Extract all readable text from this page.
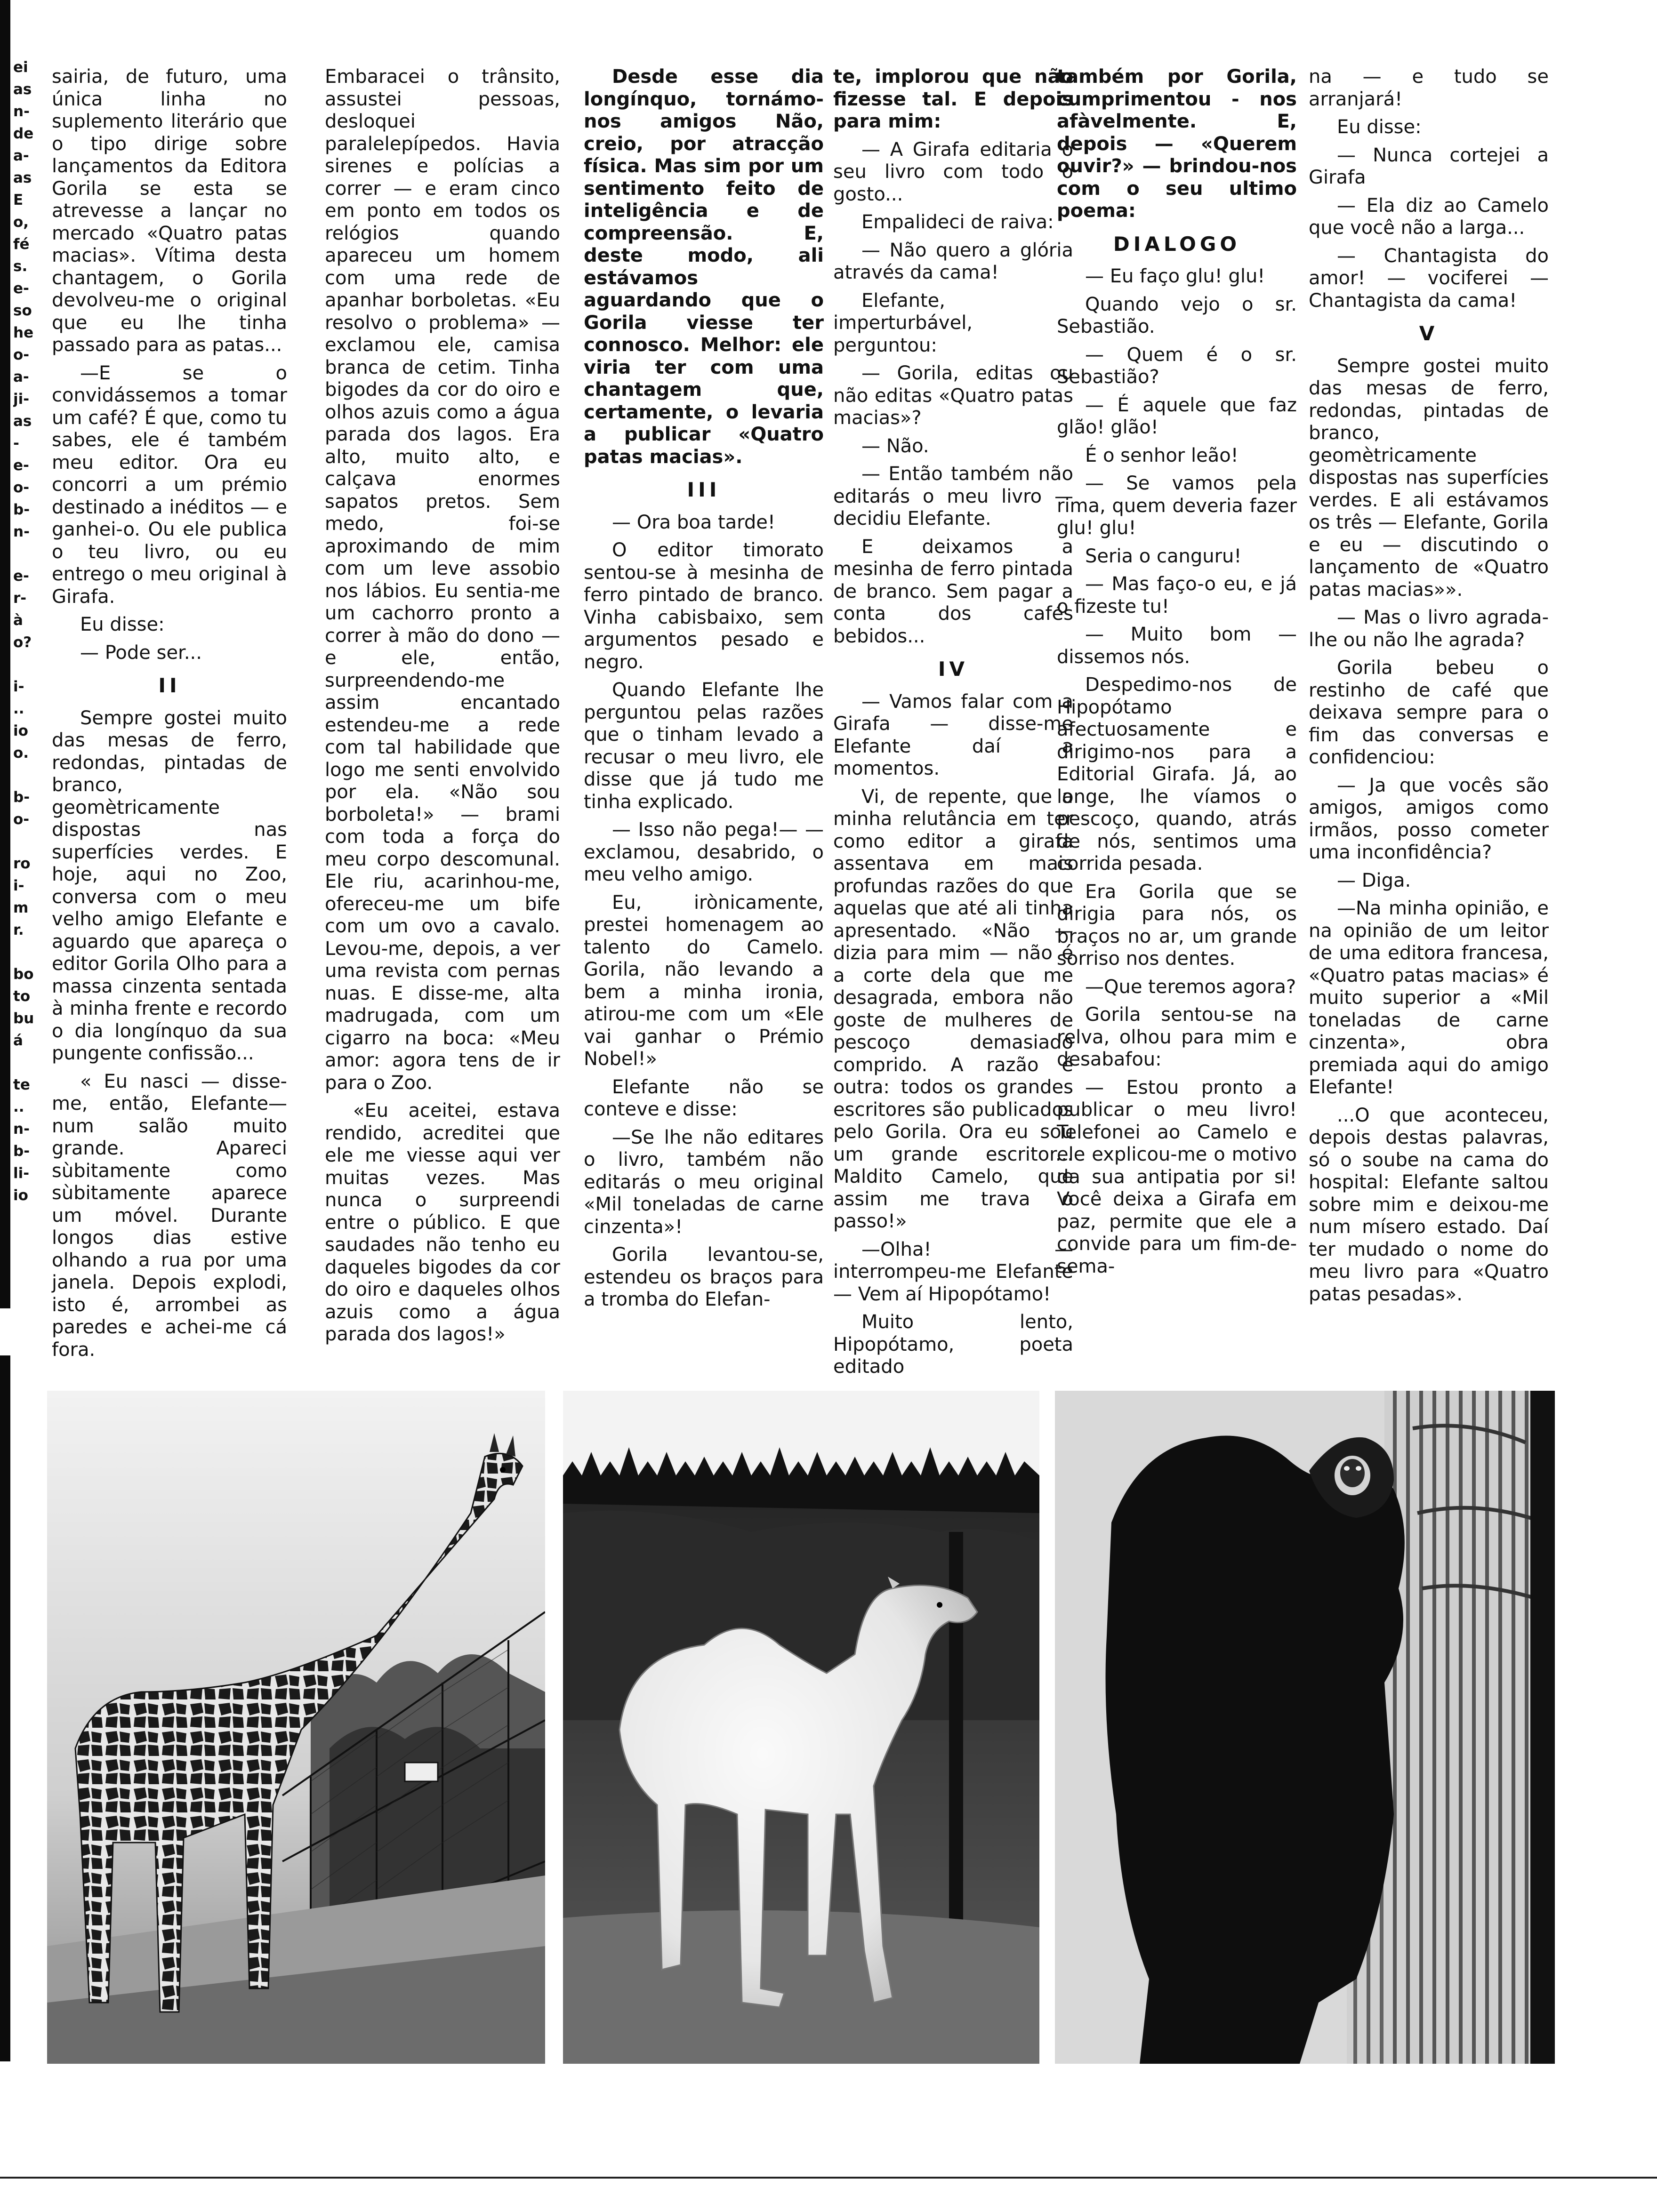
ei
as
n-
de
a-
as
E
o,
fé
s.
e-
so
he
o-
a-
ji-
as
-
e-
o-
b-
n-

e-
r-
à
o?

i-
..
io
o.

b-
o-

ro
i-
m
r.

bo
to
bu
á

te
..
n-
b-
li-
io

sairia, de futuro, uma única linha no suplemento literário que o tipo dirige sobre lançamentos da Editora Gorila se esta se atrevesse a lançar no mercado «Quatro patas macias». Vítima desta chantagem, o Gorila devolveu-me o original que eu lhe tinha passado para as patas...

—E se o convidássemos a tomar um café? É que, como tu sabes, ele é também meu editor. Ora eu concorri a um prémio destinado a inéditos — e ganhei-o. Ou ele publica o teu livro, ou eu entrego o meu original à Girafa.

Eu disse:

— Pode ser...

II

Sempre gostei muito das mesas de ferro, redondas, pintadas de branco, geomètricamente dispostas nas superfícies verdes. E hoje, aqui no Zoo, conversa com o meu velho amigo Elefante e aguardo que apareça o editor Gorila Olho para a massa cinzenta sentada à minha frente e recordo o dia longínquo da sua pungente confissão...

« Eu nasci — disse-me, então, Elefante—num salão muito grande. Apareci sùbitamente como sùbitamente aparece um móvel. Durante longos dias estive olhando a rua por uma janela. Depois explodi, isto é, arrombei as paredes e achei-me cá fora.

Embaracei o trânsito, assustei pessoas, desloquei paralelepípedos. Havia sirenes e polícias a correr — e eram cinco em ponto em todos os relógios quando apareceu um homem com uma rede de apanhar borboletas. «Eu resolvo o problema» — exclamou ele, camisa branca de cetim. Tinha bigodes da cor do oiro e olhos azuis como a água parada dos lagos. Era alto, muito alto, e calçava enormes sapatos pretos. Sem medo, foi-se aproximando de mim com um leve assobio nos lábios. Eu sentia-me um cachorro pronto a correr à mão do dono — e ele, então, surpreendendo-me assim encantado estendeu-me a rede com tal habilidade que logo me senti envolvido por ela. «Não sou borboleta!» — brami com toda a força do meu corpo descomunal. Ele riu, acarinhou-me, ofereceu-me um bife com um ovo a cavalo. Levou-me, depois, a ver uma revista com pernas nuas. E disse-me, alta madrugada, com um cigarro na boca: «Meu amor: agora tens de ir para o Zoo.

«Eu aceitei, estava rendido, acreditei que ele me viesse aqui ver muitas vezes. Mas nunca o surpreendi entre o público. E que saudades não tenho eu daqueles bigodes da cor do oiro e daqueles olhos azuis como a água parada dos lagos!»

Desde esse dia longínquo, tornámo-nos amigos Não, creio, por atracção física. Mas sim por um sentimento feito de inteligência e de compreensão. E, deste modo, ali estávamos aguardando que o Gorila viesse ter connosco. Melhor: ele viria ter com uma chantagem que, certamente, o levaria a publicar «Quatro patas macias».

III

— Ora boa tarde!

O editor timorato sentou-se à mesinha de ferro pintado de branco. Vinha cabisbaixo, sem argumentos pesado e negro.

Quando Elefante lhe perguntou pelas razões que o tinham levado a recusar o meu livro, ele disse que já tudo me tinha explicado.

— Isso não pega!— — exclamou, desabrido, o meu velho amigo.

Eu, irònicamente, prestei homenagem ao talento do Camelo. Gorila, não levando a bem a minha ironia, atirou-me com um «Ele vai ganhar o Prémio Nobel!»

Elefante não se conteve e disse:

—Se lhe não editares o livro, também não editarás o meu original «Mil toneladas de carne cinzenta»!

Gorila levantou-se, estendeu os braços para a tromba do Elefan-

te, implorou que não fizesse tal. E depois para mim:

— A Girafa editaria o seu livro com todo o gosto...

Empalideci de raiva:

— Não quero a glória através da cama!

Elefante, imperturbável, perguntou:

— Gorila, editas ou não editas «Quatro patas macias»?

— Não.

— Então também não editarás o meu livro — decidiu Elefante.

E deixamos a mesinha de ferro pintada de branco. Sem pagar a conta dos cafés bebidos...

IV

— Vamos falar com a Girafa — disse-me Elefante daí a momentos.

Vi, de repente, que a minha relutância em ter como editor a girafa assentava em mais profundas razões do que aquelas que até ali tinha apresentado. «Não — dizia para mim — não é a corte dela que me desagrada, embora não goste de mulheres de pescoço demasiado comprido. A razão é outra: todos os grandes escritores são publicados pelo Gorila. Ora eu sou um grande escritor... Maldito Camelo, que assim me trava o passo!»

—Olha! — interrompeu-me Elefante— Vem aí Hipopótamo!

Muito lento, Hipopótamo, poeta editado

também por Gorila, cumprimentou - nos afàvelmente. E, depois — «Querem ouvir?» — brindou-nos com o seu ultimo poema:

DIALOGO

— Eu faço glu! glu!

Quando vejo o sr. Sebastião.

— Quem é o sr. Sebastião?

— É aquele que faz glão! glão!

É o senhor leão!

— Se vamos pela rima, quem deveria fazer glu! glu!

Seria o canguru!

— Mas faço-o eu, e já o fizeste tu!

— Muito bom — dissemos nós.

Despedimo-nos de Hipopótamo afectuosamente e dirigimo-nos para a Editorial Girafa. Já, ao longe, lhe víamos o pescoço, quando, atrás de nós, sentimos uma corrida pesada.

Era Gorila que se dirigia para nós, os braços no ar, um grande sorriso nos dentes.

—Que teremos agora?

Gorila sentou-se na relva, olhou para mim e desabafou:

— Estou pronto a publicar o meu livro! Telefonei ao Camelo e ele explicou-me o motivo da sua antipatia por si! Você deixa a Girafa em paz, permite que ele a convide para um fim-de-sema-

na — e tudo se arranjará!

Eu disse:

— Nunca cortejei a Girafa

— Ela diz ao Camelo que você não a larga...

— Chantagista do amor! — vociferei — Chantagista da cama!

V

Sempre gostei muito das mesas de ferro, redondas, pintadas de branco, geomètricamente dispostas nas superfícies verdes. E ali estávamos os três — Elefante, Gorila e eu — discutindo o lançamento de «Quatro patas macias»».

— Mas o livro agrada-lhe ou não lhe agrada?

Gorila bebeu o restinho de café que deixava sempre para o fim das conversas e confidenciou:

— Ja que vocês são amigos, amigos como irmãos, posso cometer uma inconfidência?

— Diga.

—Na minha opinião, e na opinião de um leitor de uma editora francesa, «Quatro patas macias» é muito superior a «Mil toneladas de carne cinzenta», obra premiada aqui do amigo Elefante!

...O que aconteceu, depois destas palavras, só o soube na cama do hospital: Elefante saltou sobre mim e deixou-me num mísero estado. Daí ter mudado o nome do meu livro para «Quatro patas pesadas».
